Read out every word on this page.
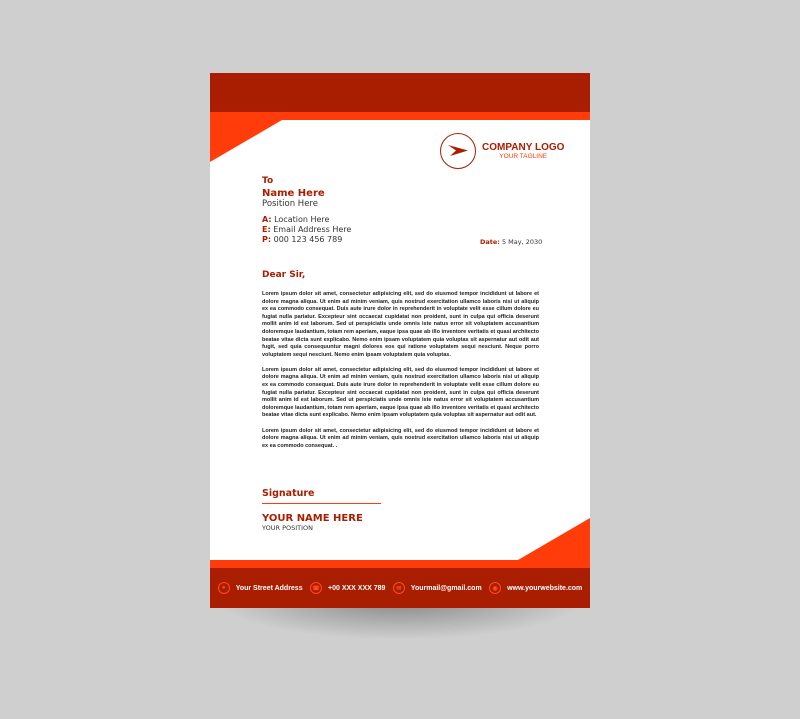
COMPANY LOGO
YOUR TAGLINE
To
Name Here
Position Here
A: Location Here
E: Email Address Here
P: 000 123 456 789	Date: 5 May, 2030
Dear Sir,

Lorem ipsum dolor sit amet, consectetur adipisicing elit, sed do eiusmod tempor incididunt ut labore et dolore magna aliqua. Ut enim ad minim veniam, quis nostrud exercitation ullamco laboris nisi ut aliquip ex ea commodo consequat. Duis aute irure dolor in reprehenderit in voluptate velit esse cillum dolore eu fugiat nulla pariatur. Excepteur sint occaecat cupidatat non proident, sunt in culpa qui officia deserunt mollit anim id est laborum. Sed ut perspiciatis unde omnis iste natus error sit voluptatem accusantium doloremque laudantium, totam rem aperiam, eaque ipsa quae ab illo inventore veritatis et quasi architecto beatae vitae dicta sunt explicabo. Nemo enim ipsam voluptatem quia voluptas sit aspernatur aut odit aut fugit, sed quia consequuntur magni dolores eos qui ratione voluptatem sequi nesciunt. Neque porro voluptatem sequi nesciunt. Nemo enim ipsam voluptatem quia voluptas.

Lorem ipsum dolor sit amet, consectetur adipisicing elit, sed do eiusmod tempor incididunt ut labore et dolore magna aliqua. Ut enim ad minim veniam, quis nostrud exercitation ullamco laboris nisi ut aliquip ex ea commodo consequat. Duis aute irure dolor in reprehenderit in voluptate velit esse cillum dolore eu fugiat nulla pariatur. Excepteur sint occaecat cupidatat non proident, sunt in culpa qui officia deserunt mollit anim id est laborum. Sed ut perspiciatis unde omnis iste natus error sit voluptatem accusantium doloremque laudantium, totam rem aperiam, eaque ipsa quae ab illo inventore veritatis et quasi architecto beatae vitae dicta sunt explicabo. Nemo enim ipsam voluptatem quia voluptas sit aspernatur aut odit aut.

Lorem ipsum dolor sit amet, consectetur adipisicing elit, sed do eiusmod tempor incididunt ut labore et dolore magna aliqua. Ut enim ad minim veniam, quis nostrud exercitation ullamco laboris nisi ut aliquip ex ea commodo consequat. .

Signature
YOUR NAME HERE
YOUR POSITION
●	Your Street Address	☎	+00 XXX XXX 789	✉	Yourmail@gmail.com	◉	www.yourwebsite.com
